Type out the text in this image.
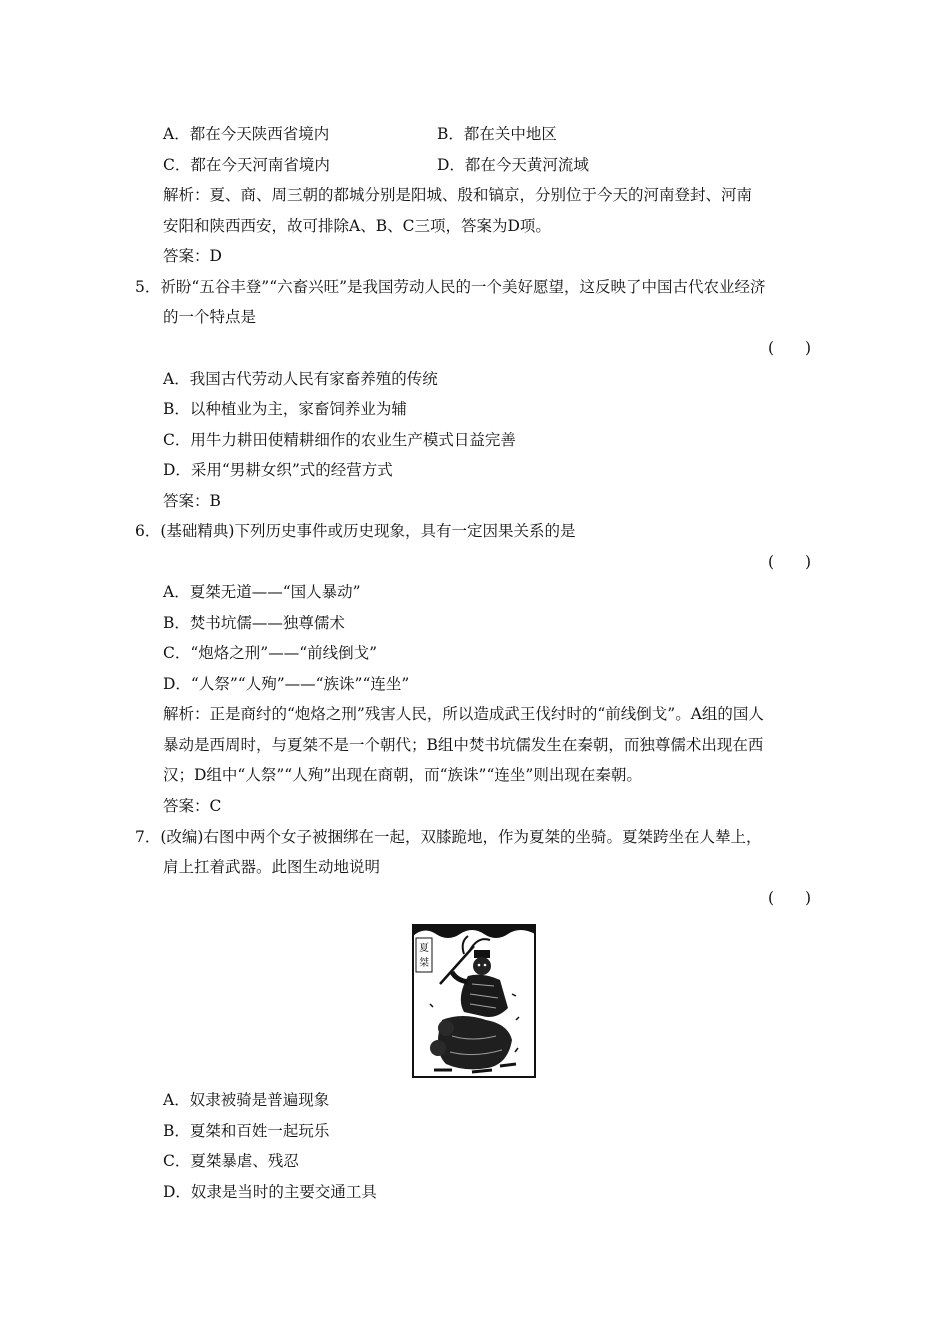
A．都在今天陕西省境内	B．都在关中地区
C．都在今天河南省境内	D．都在今天黄河流域
解析：夏、商、周三朝的都城分别是阳城、殷和镐京，分别位于今天的河南登封、河南
安阳和陕西西安，故可排除A、B、C三项，答案为D项。
答案：D
5．祈盼“五谷丰登”“六畜兴旺”是我国劳动人民的一个美好愿望，这反映了中国古代农业经济
的一个特点是
(　　)
A．我国古代劳动人民有家畜养殖的传统
B．以种植业为主，家畜饲养业为辅
C．用牛力耕田使精耕细作的农业生产模式日益完善
D．采用“男耕女织”式的经营方式
答案：B
6．(基础精典)下列历史事件或历史现象，具有一定因果关系的是
(　　)
A．夏桀无道——“国人暴动”
B．焚书坑儒——独尊儒术
C．“炮烙之刑”——“前线倒戈”
D．“人祭”“人殉”——“族诛”“连坐”
解析：正是商纣的“炮烙之刑”残害人民，所以造成武王伐纣时的“前线倒戈”。A组的国人
暴动是西周时，与夏桀不是一个朝代；B组中焚书坑儒发生在秦朝，而独尊儒术出现在西
汉；D组中“人祭”“人殉”出现在商朝，而“族诛”“连坐”则出现在秦朝。
答案：C
7．(改编)右图中两个女子被捆绑在一起，双膝跪地，作为夏桀的坐骑。夏桀跨坐在人辇上，
肩上扛着武器。此图生动地说明
(　　)
夏
桀
A．奴隶被骑是普遍现象
B．夏桀和百姓一起玩乐
C．夏桀暴虐、残忍
D．奴隶是当时的主要交通工具
